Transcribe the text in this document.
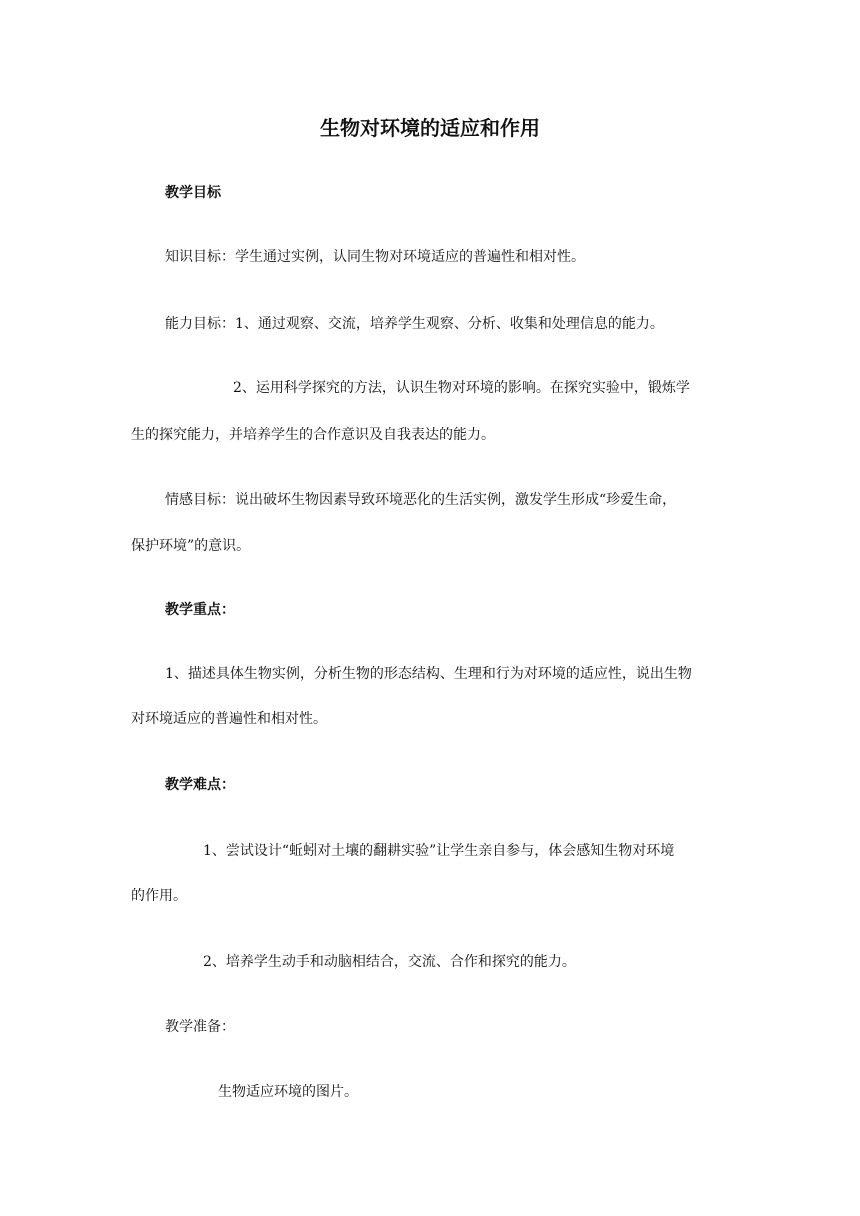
生物对环境的适应和作用

教学目标

知识目标：学生通过实例，认同生物对环境适应的普遍性和相对性。

能力目标：1、通过观察、交流，培养学生观察、分析、收集和处理信息的能力。

2、运用科学探究的方法，认识生物对环境的影响。在探究实验中，锻炼学

生的探究能力，并培养学生的合作意识及自我表达的能力。

情感目标：说出破坏生物因素导致环境恶化的生活实例，激发学生形成“珍爱生命，

保护环境”的意识。

教学重点：

1、描述具体生物实例，分析生物的形态结构、生理和行为对环境的适应性，说出生物

对环境适应的普遍性和相对性。

教学难点：

1、尝试设计“蚯蚓对土壤的翻耕实验”让学生亲自参与，体会感知生物对环境

的作用。

2、培养学生动手和动脑相结合，交流、合作和探究的能力。

教学准备：

生物适应环境的图片。
